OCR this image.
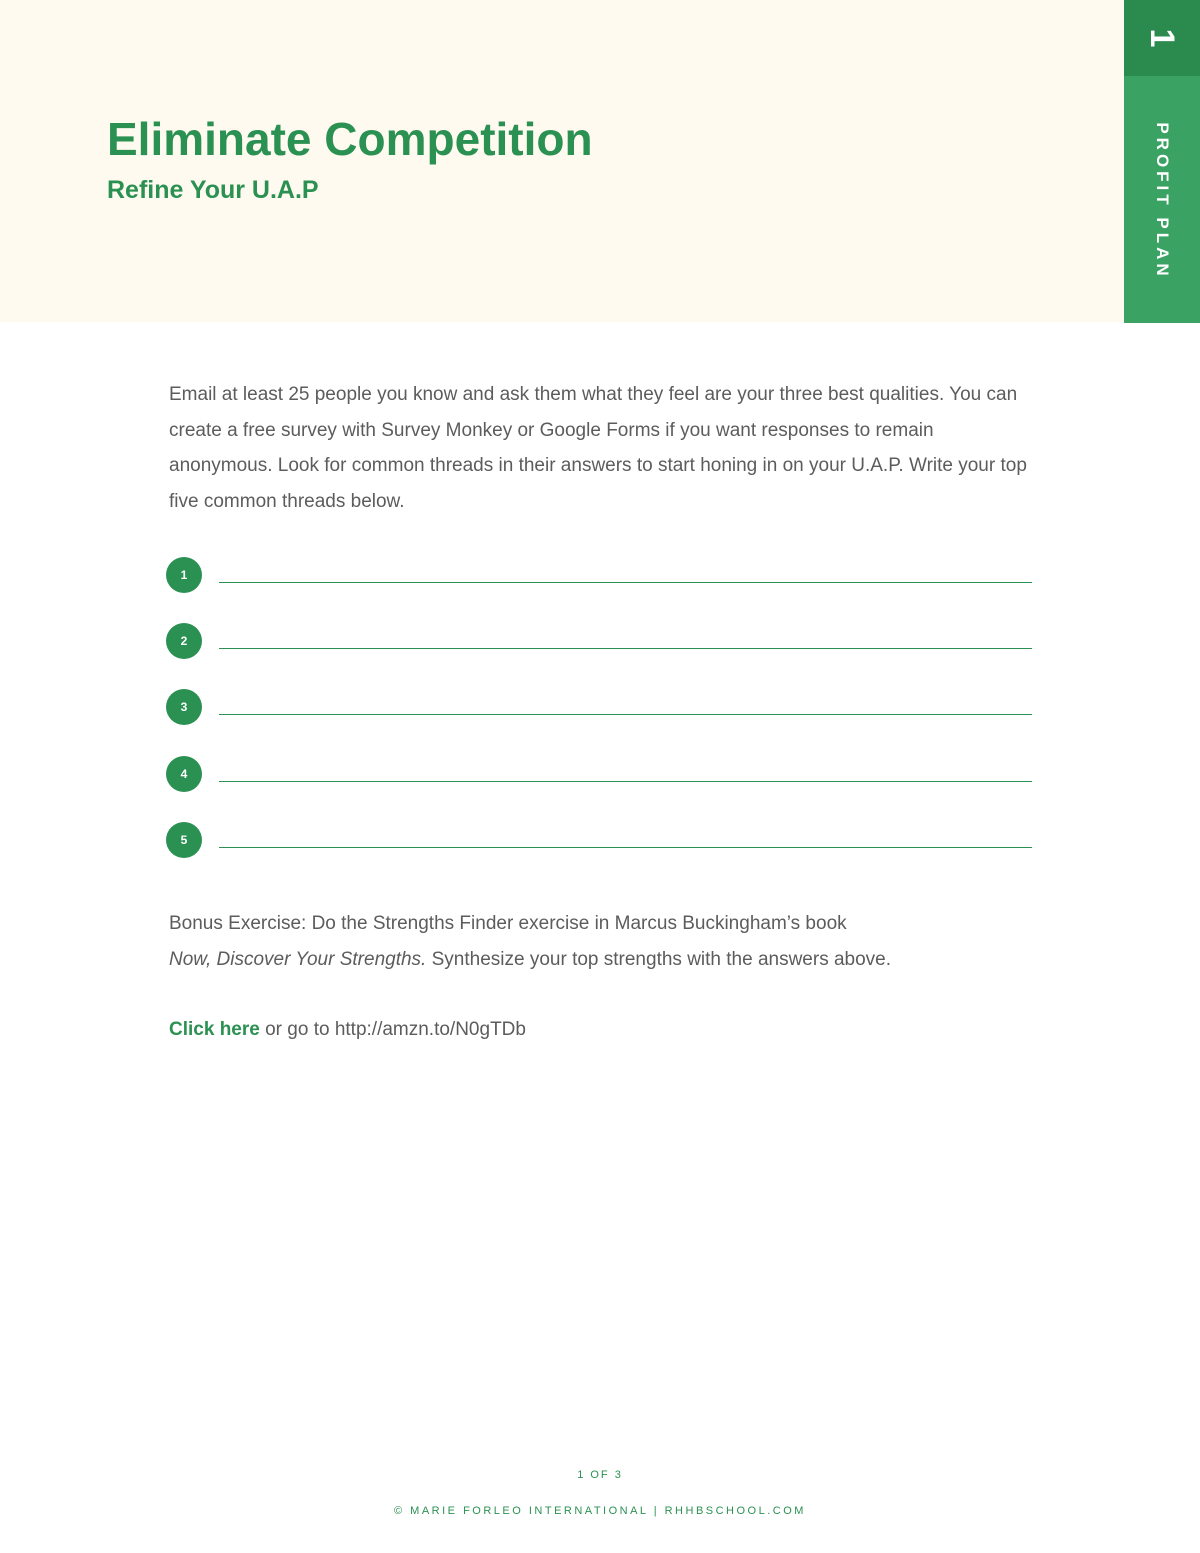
1
PROFIT PLAN
Eliminate Competition
Refine Your U.A.P

Email at least 25 people you know and ask them what they feel are your three best qualities. You can create a free survey with Survey Monkey or Google Forms if you want responses to remain anonymous. Look for common threads in their answers to start honing in on your U.A.P. Write your top five common threads below.

1
2
3
4
5

Bonus Exercise: Do the Strengths Finder exercise in Marcus Buckingham’s book
Now, Discover Your Strengths. Synthesize your top strengths with the answers above.

Click here or go to http://amzn.to/N0gTDb

1 OF 3
© MARIE FORLEO INTERNATIONAL | RHHBSCHOOL.COM
